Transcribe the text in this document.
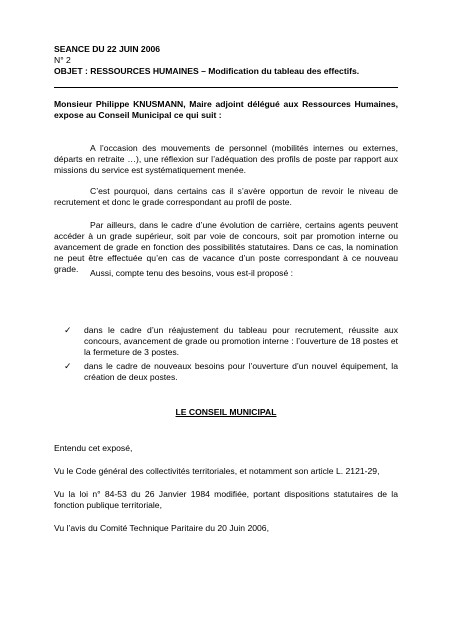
SEANCE DU 22 JUIN 2006
N° 2
OBJET : RESSOURCES HUMAINES – Modification du tableau des effectifs.
Monsieur Philippe KNUSMANN, Maire adjoint délégué aux Ressources Humaines, expose au Conseil Municipal ce qui suit :
A l’occasion des mouvements de personnel (mobilités internes ou externes, départs en retraite …), une réflexion sur l’adéquation des profils de poste par rapport aux missions du service est systématiquement menée.
C’est pourquoi, dans certains cas il s’avère opportun de revoir le niveau de recrutement et donc le grade correspondant au profil de poste.
Par ailleurs, dans le cadre d’une évolution de carrière, certains agents peuvent accéder à un grade supérieur, soit par voie de concours, soit par promotion interne ou avancement de grade en fonction des possibilités statutaires. Dans ce cas, la nomination ne peut être effectuée qu’en cas de vacance d’un poste correspondant à ce nouveau grade.	Aussi, compte tenu des besoins, vous est-il proposé :
✓ dans le cadre d’un réajustement du tableau pour recrutement, réussite aux concours, avancement de grade ou promotion interne : l’ouverture de 18 postes et la fermeture de 3 postes.
✓ dans le cadre de nouveaux besoins pour l’ouverture d’un nouvel équipement, la création de deux postes.
LE CONSEIL MUNICIPAL
Entendu cet exposé,
Vu le Code général des collectivités territoriales, et notamment son article L. 2121-29,
Vu la loi n° 84-53 du 26 Janvier 1984 modifiée, portant dispositions statutaires de la fonction publique territoriale,
Vu l’avis du Comité Technique Paritaire du 20 Juin 2006,
